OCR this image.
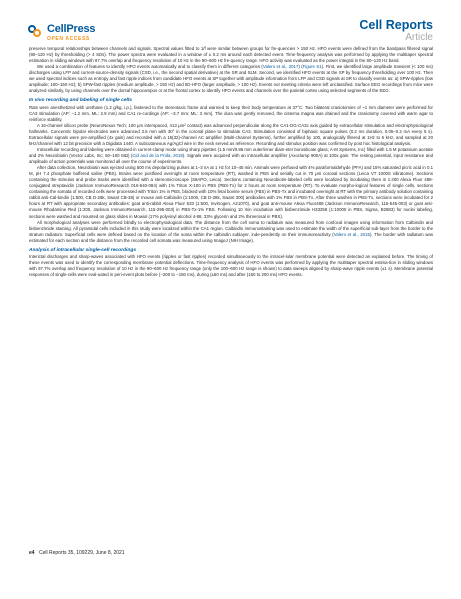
CellPress
OPEN ACCESS
Cell Reports
Article

preserve temporal relationships between channels and signals. Spectral values fitted to 1/f were similar between groups for fre-quencies > 150 Hz. HFO events were defined from the bandpass filtered signal (80–120 Hz) by thresholding (> 4 SDs). The power spectra were evaluated in a window of ± 0.2 ms around each detected event. Time-frequency analysis was performed by applying the multitaper spectral estimation in sliding windows with 97.7% overlap and frequency resolution of 10 Hz in the 90–600 Hz fre-quency range. HFO activity was evaluated as the power integral in the 80–120 Hz band.

We used a combination of features to identify HFO events automatically and to classify them in different categories (Valero et al., 2017) (Figure S1). First, we identified large amplitude transient (< 100 ms) discharges using LFP and current-source-density signals (CSD, i.e., the second spatial derivative) at the SR and SLM. Second, we identified HFO events at the SP by frequency thresholding over 100 Hz. Then we used spectral indices such as entropy and fast ripple indices from candidate HFO events at SP together with amplitude information from LFP and CSD signals at SR to classify events as: a) SPW-ripples (low amplitude; 100–150 Hz); b) SPW-fast ripples (medium amplitude, > 150 Hz) and IID-HFO (larger amplitude, > 100 Hz). Events not meeting criteria were left unclassified. Surface EEG recordings from mice were analyzed similarly, by using channels over the dorsal hippocampus or at the frontal cortex to identify HFO events and channels over the parietal cortex using selected segments of the EEG.

In vivo recording and labeling of single cells

Rats were anesthetized with urethane (1.2 g/kg, i.p.), fastened to the stereotaxic frame and warmed to keep their body temperature at 37°C. Two bilateral craniotomies of ~1 mm diameter were performed for CA3 stimulation (AP: −1.2 mm, ML: 2.9 mm) and CA1 re-cordings (AP: −3.7 mm; ML: 3 mm). The dura was gently removed, the cisterna magna was drained and the craniotomy covered with warm agar to reinforce stability.

A 16-channel silicon probe (NeuroNexus Tech; 100 μm interspaced, 413 μm² contact) was advanced perpendicular along the CA1-DG-CA3c axis guided by extracellular stimulation and electrophysiological hallmarks. Concentric bipolar electrodes were advanced 3.5 mm with 30° in the coronal plane to stimulate CA3. Stimulation consisted of biphasic square pulses (0.2 ms duration, 0.05–0.2 mA every 5 s). Extracellular signals were pre-amplified (4x gain) and recorded with a 16(32)-channel AC amplifier (Multi-channel Systems), further amplified by 100, analogically filtered at 1Hz to 5 kHz, and sampled at 20 kHz/channel with 12 bit precision with a Digidata 1440. A subcutaneous Ag/AgCl wire in the neck served as reference. Recording and stimulus position was confirmed by post hoc histological analysis.

Intracellular recording and labeling were obtained in current-clamp mode using sharp pipettes (1.5 mm/0.86 mm outer/inner diam-eter borosilicate glass; A-M Systems, Inc) filled with 1.5 M potassium acetate and 2% Neurobiotin (Vector Labs, Inc; 50–100 MΩ) (Cid and de la Prida, 2019). Signals were acquired with an intracellular amplifier (Axoclamp 900A) at 100x gain. The resting potential, input resistance and amplitude of action potentials was monitored all over the course of experiments.

After data collection, Neurobiotin was ejected using 500 ms depolarizing pulses at 1–3 nA at 1 Hz for 10–45 min. Animals were perfused with 4% paraformaldehyde (PFA) and 15% saturated picric acid in 0.1 M, pH 7.4 phosphate buffered saline (PBS). Brains were postfixed overnight at room temperature (RT), washed in PBS and serially cut in 70 μm coronal sections (Leica VT 1000S vibratome). Sections containing the stimulus and probe tracks were identified with a stereomicroscope (S8APO, Leica). Sections containing Neurobiotin-labeled cells were localized by incubating them in 1:400 Alexa Fluor 488-conjugated streptavidin (Jackson ImmunoResearch 016-540-084) with 1% Triton X-100 in PBS (PBS-Tx) for 2 hours at room temperature (RT). To evaluate morpho-logical features of single cells, sections containing the somata of recorded cells were processed with Triton 1% in PBS, blocked with 10% fetal bovine serum (FBS) in PBS-Tx and incubated overnight at RT with the primary antibody solution containing rabbit anti-Cal-bindin (1:500, CB D-28k, Swant CB-38) or mouse anti-Calbindin (1:1000, CB D-28k, Swant 300) antibodies with 1% FBS in PBS-Tx. After three washes in PBS-Tx, sections were incubated for 2 hours at RT with appropriate secondary antibodies: goat anti-rabbit Alexa Fluor 633 (1:500, Invitrogen, A21070), and goat anti-mouse Alexa Fluor488 (Jackson ImmunoResearch, 115-545-003) or goat anti-mouse Rhodamine Red (1:200, Jackson ImmunoResearch, 115-295-003) in PBS-Tx-1% FBS. Following 10 min incubation with bisbenzimide H33258 (1:10000 in PBS, Sigma, B2883) for nuclei labeling, sections were washed and mounted on glass slides in Mowiol (17% polyvinyl alcohol 4-88, 33% glycerin and 2% thimerosal in PBS).

All morphological analyses were performed blindly to electrophysiological data. The distance from the cell soma to radiatum was measured from confocal images using information from Calbindin and bisbenzimide staining. All pyramidal cells included in this study were localized within the CA1 region. Calbindin immunostaining was used to estimate the width of the superficial sub-layer from the border to the stratum radiatum. Superficial cells were defined based on the location of the soma within the calbindin sublayer, inde-pendently on their immunoreactivity (Valero et al., 2015). The border with radiatum was estimated for each section and the distance from the recorded cell somata was measured using ImageJ (NIH Image).

Analysis of intracellular single-cell recordings

Interictal discharges and sharp-waves associated with HFO events (ripples or fast ripples) recorded simultaneously to the intracel-lular membrane potential were detected as explained before. The timing of these events was used to identify the corresponding membrane potential deflections. Time-frequency analysis of HFO events was performed by applying the multitaper spectral estima-tion in sliding windows with 97.7% overlap and frequency resolution of 10 Hz in the 90–600 Hz frequency range (only the 100–600 Hz range is shown) to data sweeps aligned by sharp-wave ripple events (±1 s). Membrane potential responses of single-cells were eval-uated in peri-event plots before (−200 to −150 ms), during (±50 ms) and after (150 to 200 ms) HFO events.

e4 Cell Reports 35, 109229, June 8, 2021
